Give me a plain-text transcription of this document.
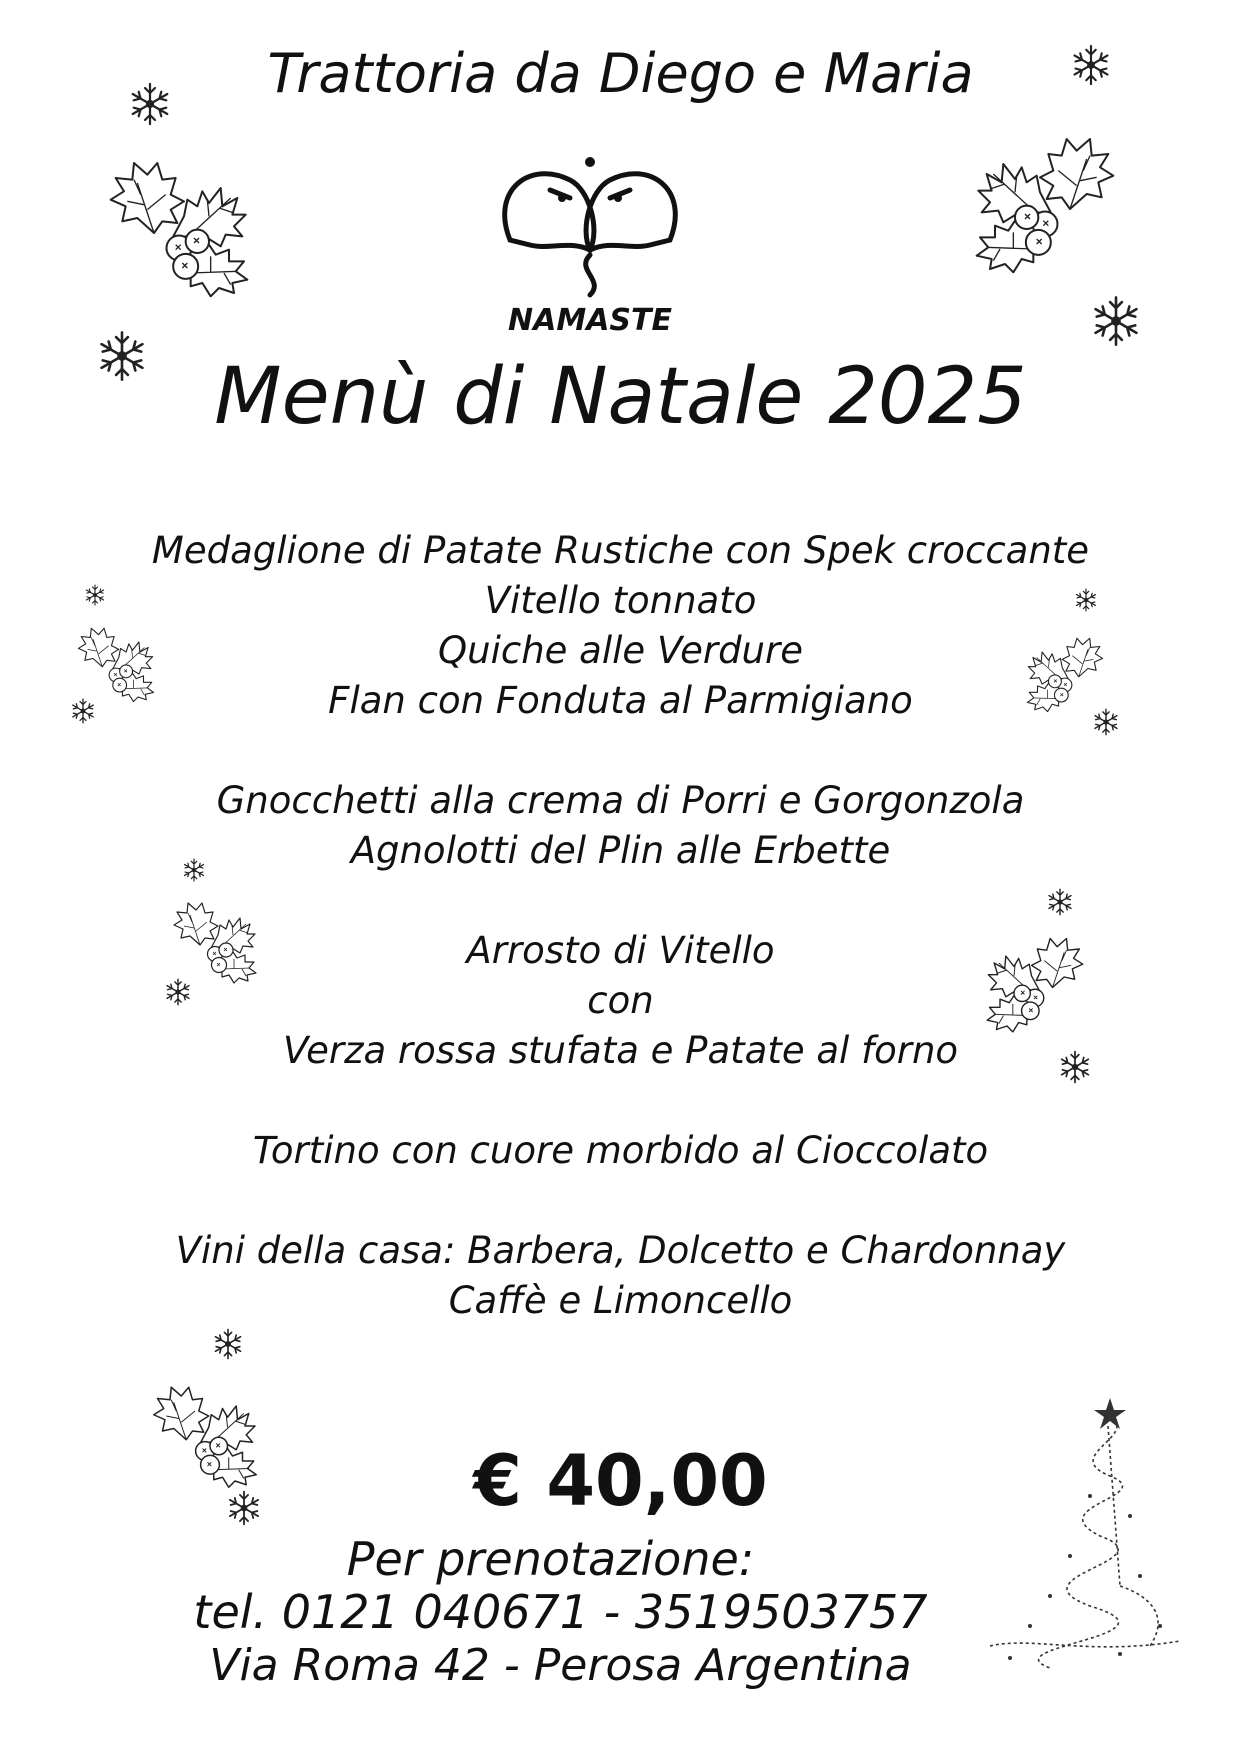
Trattoria da Diego e Maria
NAMASTE
Menù di Natale 2025
Medaglione di Patate Rustiche con Spek croccante
Vitello tonnato
Quiche alle Verdure
Flan con Fonduta al Parmigiano
Gnocchetti alla crema di Porri e Gorgonzola
Agnolotti del Plin alle Erbette
Arrosto di Vitello
con
Verza rossa stufata e Patate al forno
Tortino con cuore morbido al Cioccolato
Vini della casa: Barbera, Dolcetto e Chardonnay
Caffè e Limoncello
€ 40,00
Per prenotazione:
tel. 0121 040671 - 3519503757
Via Roma 42 - Perosa Argentina
